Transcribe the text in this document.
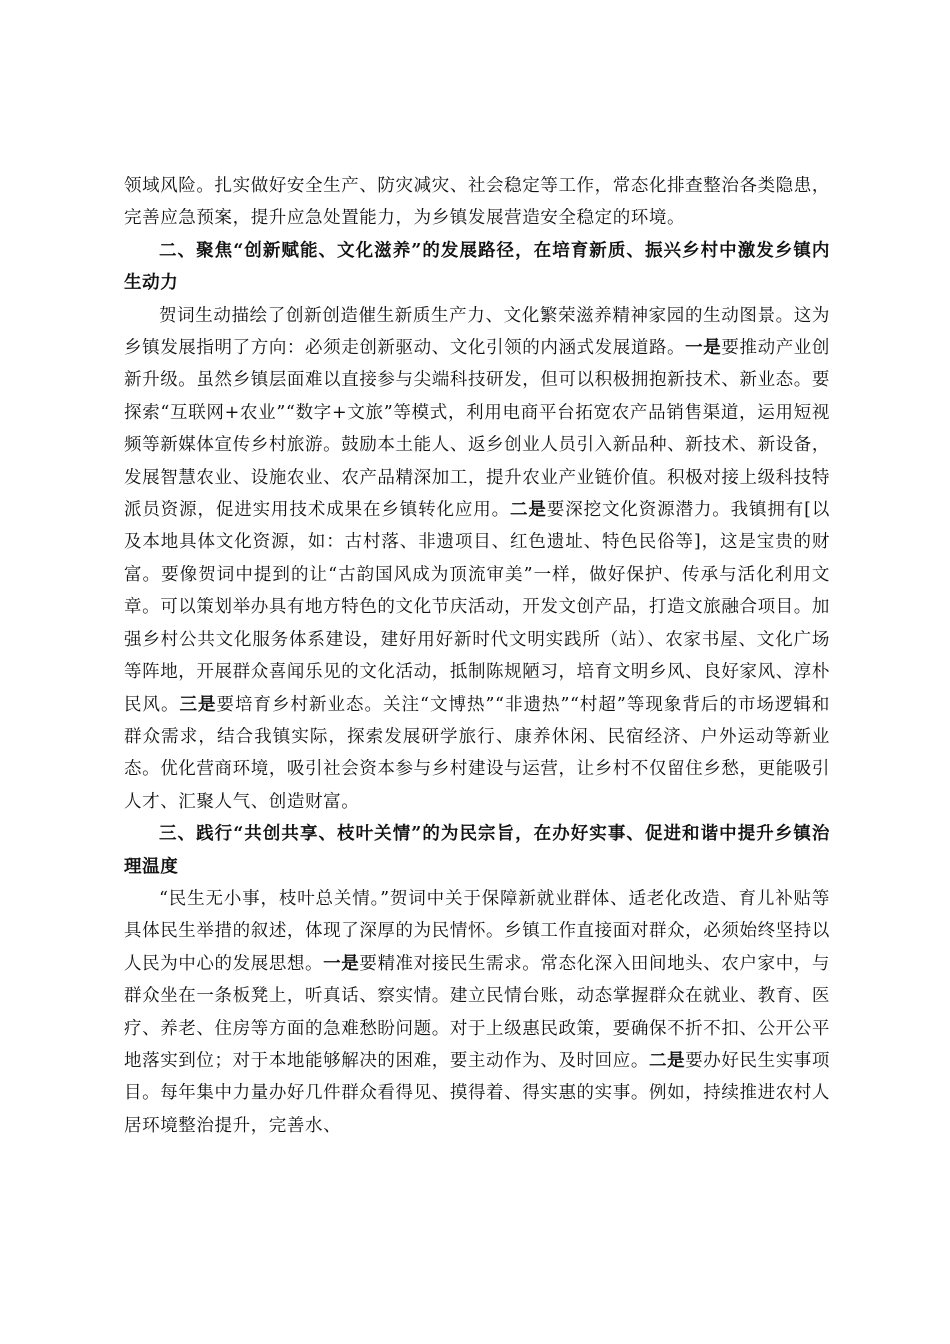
领域风险。扎实做好安全生产、防灾减灾、社会稳定等工作，常态化排查整治各类隐患，完善应急预案，提升应急处置能力，为乡镇发展营造安全稳定的环境。

二、聚焦“创新赋能、文化滋养”的发展路径，在培育新质、振兴乡村中激发乡镇内生动力

贺词生动描绘了创新创造催生新质生产力、文化繁荣滋养精神家园的生动图景。这为乡镇发展指明了方向：必须走创新驱动、文化引领的内涵式发展道路。一是要推动产业创新升级。虽然乡镇层面难以直接参与尖端科技研发，但可以积极拥抱新技术、新业态。要探索“互联网+农业”“数字+文旅”等模式，利用电商平台拓宽农产品销售渠道，运用短视频等新媒体宣传乡村旅游。鼓励本土能人、返乡创业人员引入新品种、新技术、新设备，发展智慧农业、设施农业、农产品精深加工，提升农业产业链价值。积极对接上级科技特派员资源，促进实用技术成果在乡镇转化应用。二是要深挖文化资源潜力。我镇拥有[以及本地具体文化资源，如：古村落、非遗项目、红色遗址、特色民俗等]，这是宝贵的财富。要像贺词中提到的让“古韵国风成为顶流审美”一样，做好保护、传承与活化利用文章。可以策划举办具有地方特色的文化节庆活动，开发文创产品，打造文旅融合项目。加强乡村公共文化服务体系建设，建好用好新时代文明实践所（站）、农家书屋、文化广场等阵地，开展群众喜闻乐见的文化活动，抵制陈规陋习，培育文明乡风、良好家风、淳朴民风。三是要培育乡村新业态。关注“文博热”“非遗热”“村超”等现象背后的市场逻辑和群众需求，结合我镇实际，探索发展研学旅行、康养休闲、民宿经济、户外运动等新业态。优化营商环境，吸引社会资本参与乡村建设与运营，让乡村不仅留住乡愁，更能吸引人才、汇聚人气、创造财富。

三、践行“共创共享、枝叶关情”的为民宗旨，在办好实事、促进和谐中提升乡镇治理温度

“民生无小事，枝叶总关情。”贺词中关于保障新就业群体、适老化改造、育儿补贴等具体民生举措的叙述，体现了深厚的为民情怀。乡镇工作直接面对群众，必须始终坚持以人民为中心的发展思想。一是要精准对接民生需求。常态化深入田间地头、农户家中，与群众坐在一条板凳上，听真话、察实情。建立民情台账，动态掌握群众在就业、教育、医疗、养老、住房等方面的急难愁盼问题。对于上级惠民政策，要确保不折不扣、公开公平地落实到位；对于本地能够解决的困难，要主动作为、及时回应。二是要办好民生实事项目。每年集中力量办好几件群众看得见、摸得着、得实惠的实事。例如，持续推进农村人居环境整治提升，完善水、
